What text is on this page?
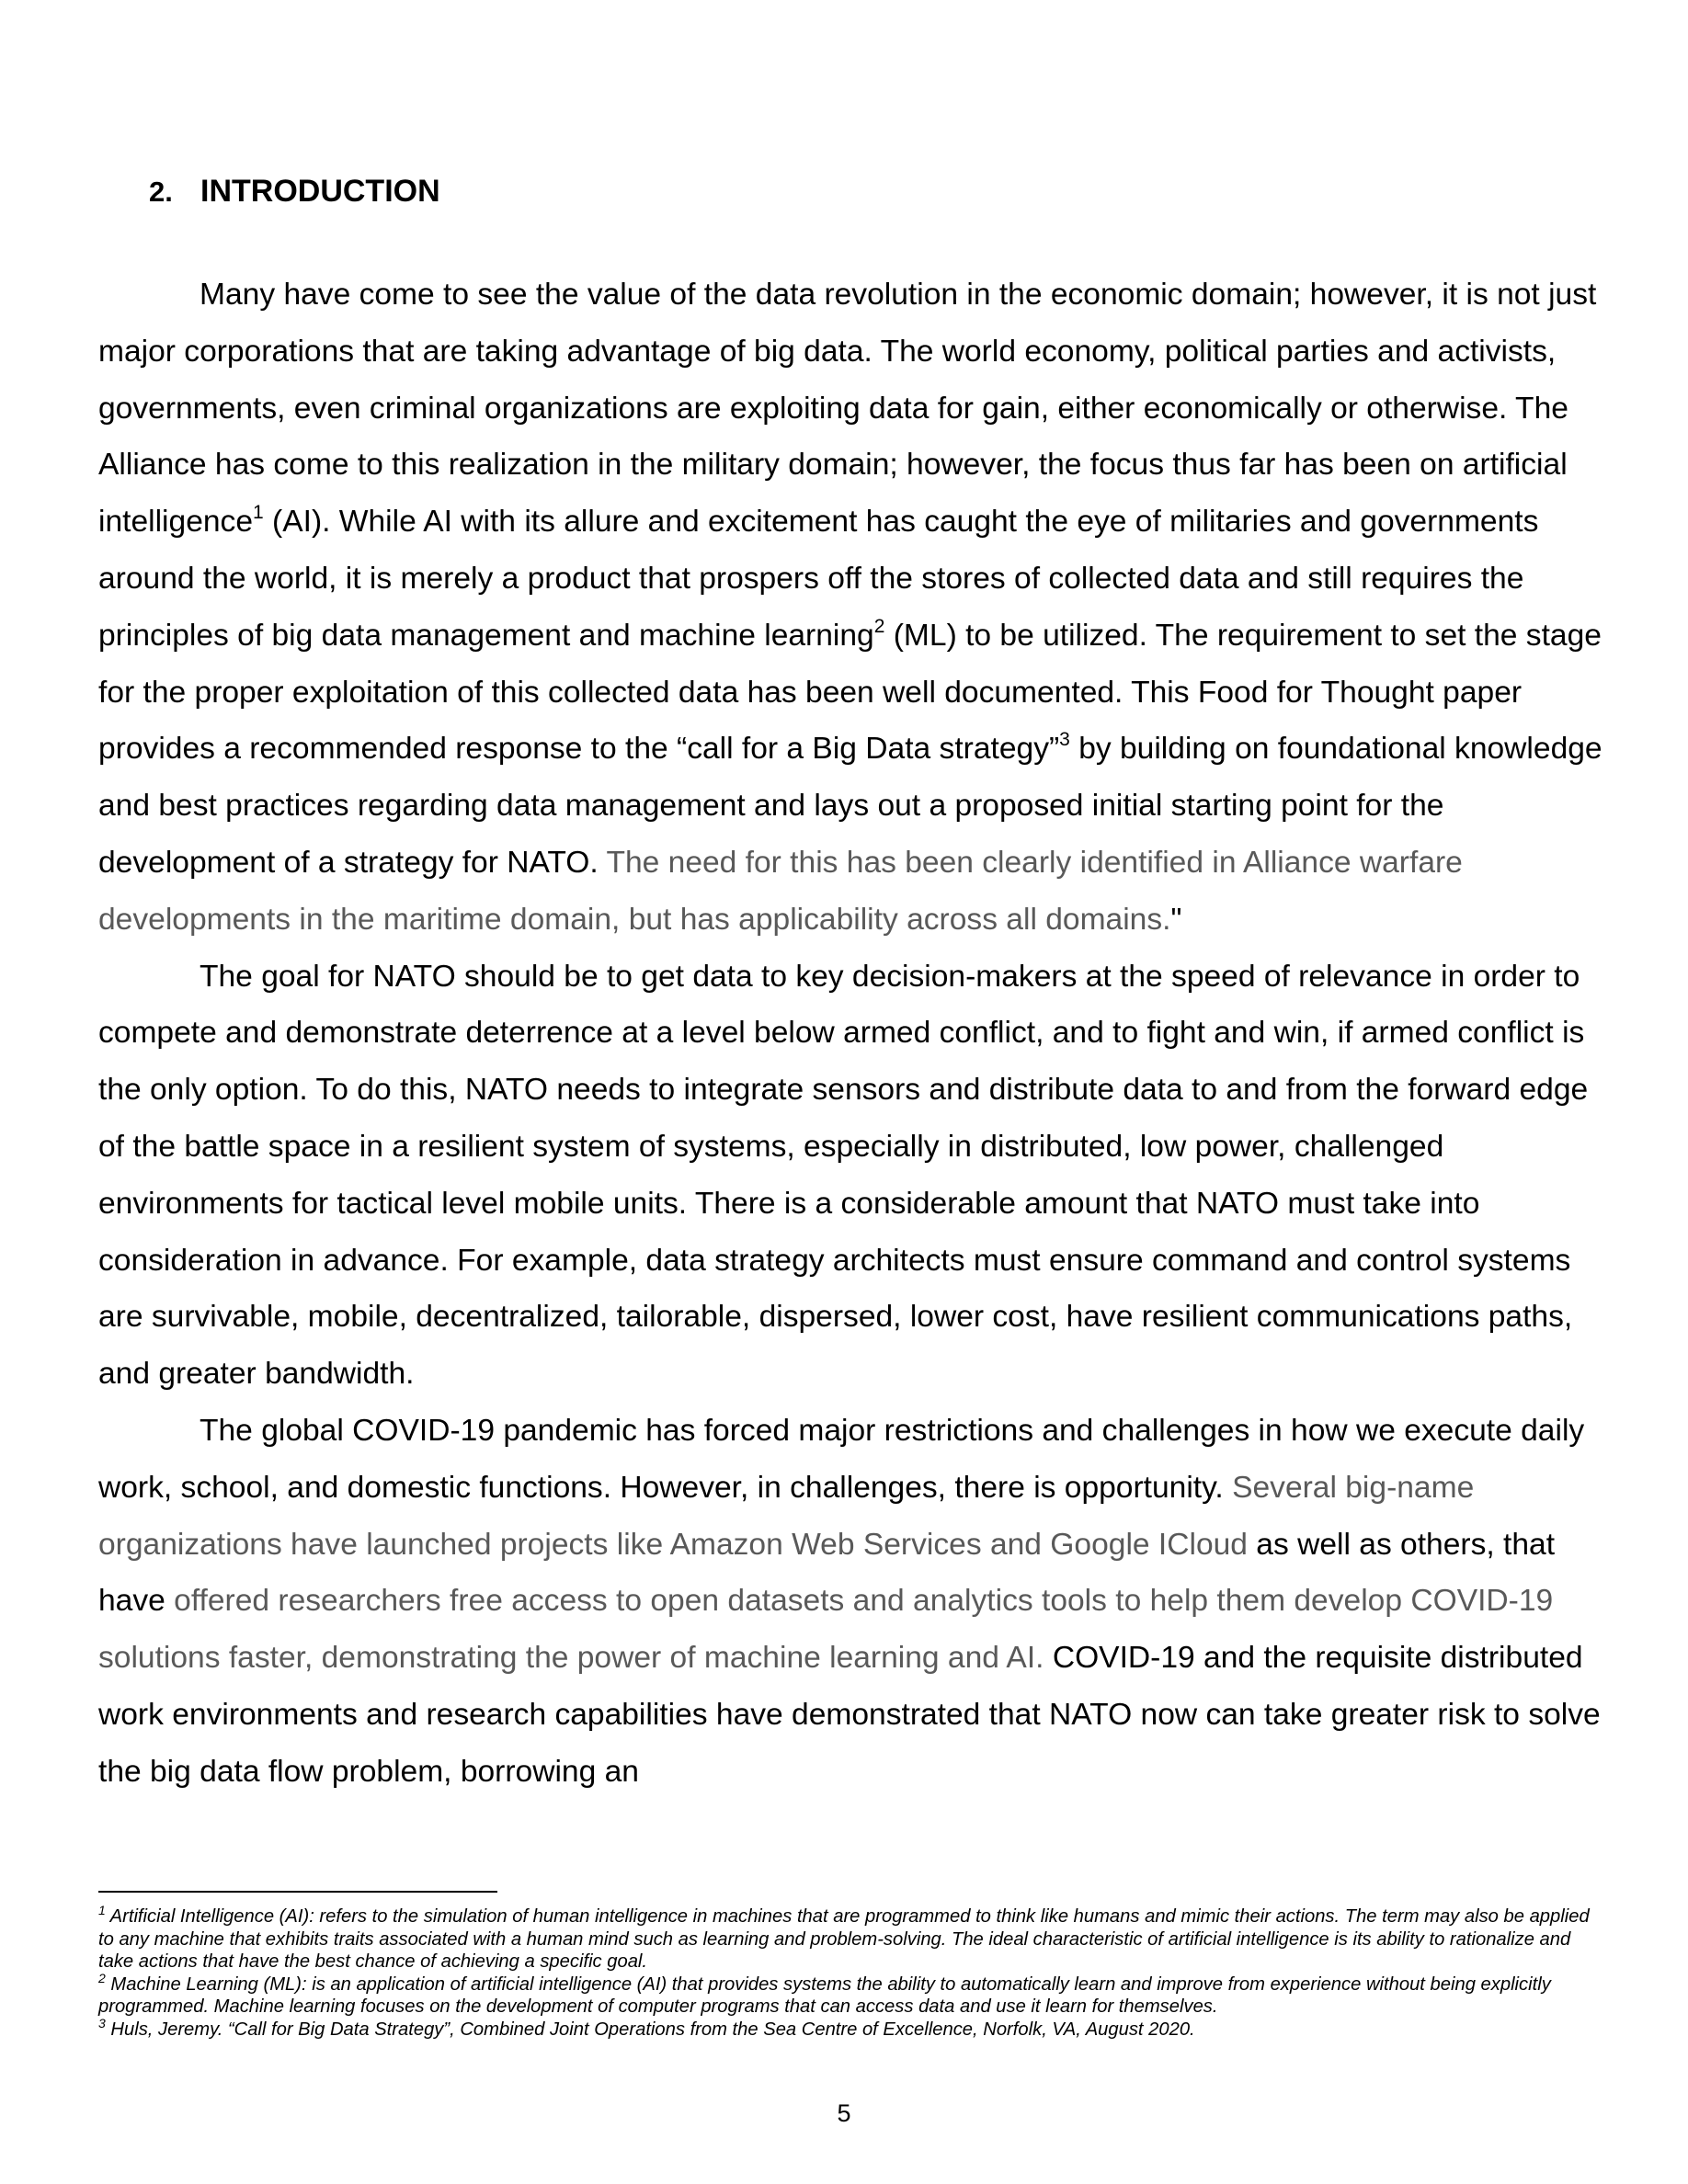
2. INTRODUCTION

Many have come to see the value of the data revolution in the economic domain; however, it is not just major corporations that are taking advantage of big data. The world economy, political parties and activists, governments, even criminal organizations are exploiting data for gain, either economically or otherwise. The Alliance has come to this realization in the military domain; however, the focus thus far has been on artificial intelligence$^1$ (AI). While AI with its allure and excitement has caught the eye of militaries and governments around the world, it is merely a product that prospers off the stores of collected data and still requires the principles of big data management and machine learning$^2$ (ML) to be utilized. The requirement to set the stage for the proper exploitation of this collected data has been well documented. This Food for Thought paper provides a recommended response to the “call for a Big Data strategy”$^3$ by building on foundational knowledge and best practices regarding data management and lays out a proposed initial starting point for the development of a strategy for NATO. The need for this has been clearly identified in Alliance warfare developments in the maritime domain, but has applicability across all domains."

The goal for NATO should be to get data to key decision-makers at the speed of relevance in order to compete and demonstrate deterrence at a level below armed conflict, and to fight and win, if armed conflict is the only option. To do this, NATO needs to integrate sensors and distribute data to and from the forward edge of the battle space in a resilient system of systems, especially in distributed, low power, challenged environments for tactical level mobile units. There is a considerable amount that NATO must take into consideration in advance. For example, data strategy architects must ensure command and control systems are survivable, mobile, decentralized, tailorable, dispersed, lower cost, have resilient communications paths, and greater bandwidth.

The global COVID-19 pandemic has forced major restrictions and challenges in how we execute daily work, school, and domestic functions. However, in challenges, there is opportunity. Several big-name organizations have launched projects like Amazon Web Services and Google ICloud as well as others, that have offered researchers free access to open datasets and analytics tools to help them develop COVID-19 solutions faster, demonstrating the power of machine learning and AI. COVID-19 and the requisite distributed work environments and research capabilities have demonstrated that NATO now can take greater risk to solve the big data flow problem, borrowing an

$^1$ Artificial Intelligence (AI): refers to the simulation of human intelligence in machines that are programmed to think like humans and mimic their actions. The term may also be applied to any machine that exhibits traits associated with a human mind such as learning and problem-solving. The ideal characteristic of artificial intelligence is its ability to rationalize and take actions that have the best chance of achieving a specific goal.

$^2$ Machine Learning (ML): is an application of artificial intelligence (AI) that provides systems the ability to automatically learn and improve from experience without being explicitly programmed. Machine learning focuses on the development of computer programs that can access data and use it learn for themselves.

$^3$ Huls, Jeremy. “Call for Big Data Strategy”, Combined Joint Operations from the Sea Centre of Excellence, Norfolk, VA, August 2020.

5
